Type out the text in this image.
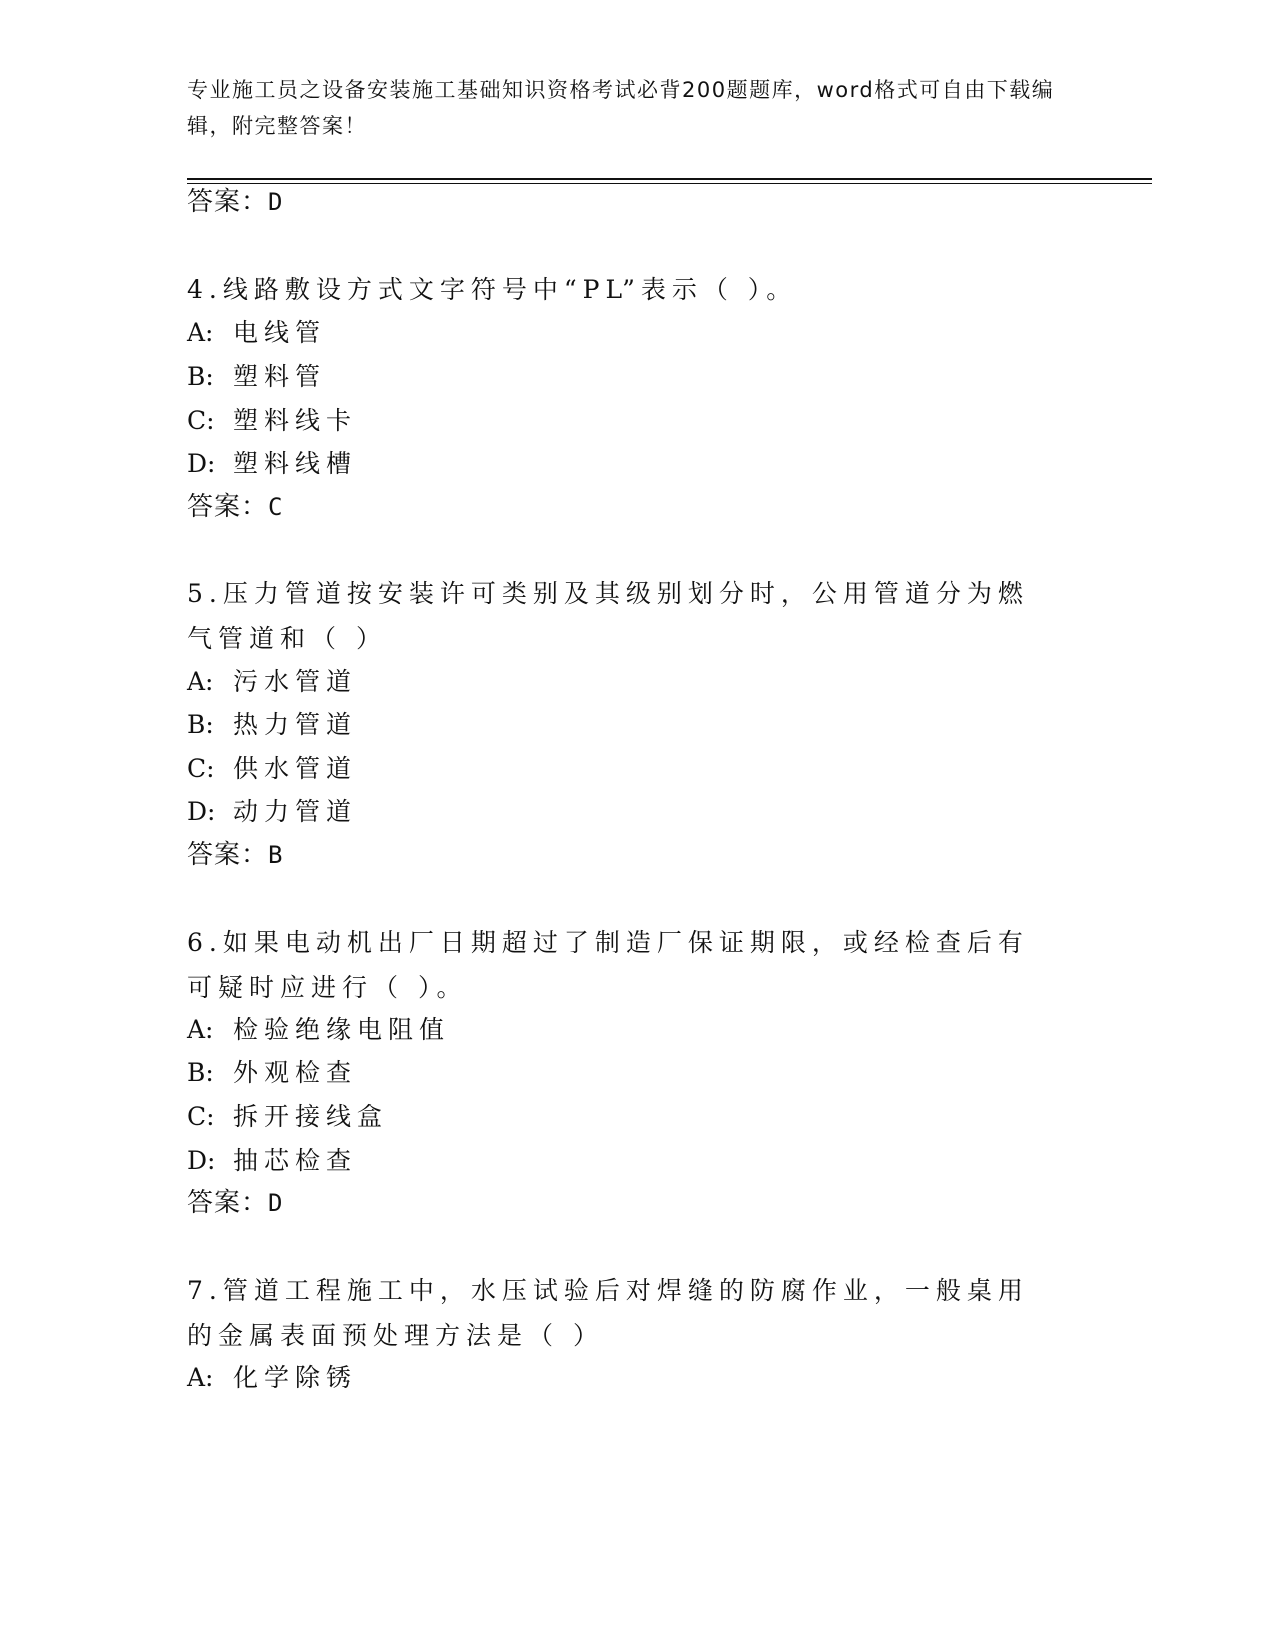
专业施工员之设备安装施工基础知识资格考试必背200题题库，word格式可自由下载编辑，附完整答案！
答案：D
4.线路敷设方式文字符号中“PL”表示（ ）。
A: 电线管
B: 塑料管
C: 塑料线卡
D: 塑料线槽
答案：C
5.压力管道按安装许可类别及其级别划分时，公用管道分为燃气管道和（ ）
A: 污水管道
B: 热力管道
C: 供水管道
D: 动力管道
答案：B
6.如果电动机出厂日期超过了制造厂保证期限，或经检查后有可疑时应进行（ ）。
A: 检验绝缘电阻值
B: 外观检查
C: 拆开接线盒
D: 抽芯检查
答案：D
7.管道工程施工中，水压试验后对焊缝的防腐作业，一般桌用的金属表面预处理方法是（ ）
A: 化学除锈
